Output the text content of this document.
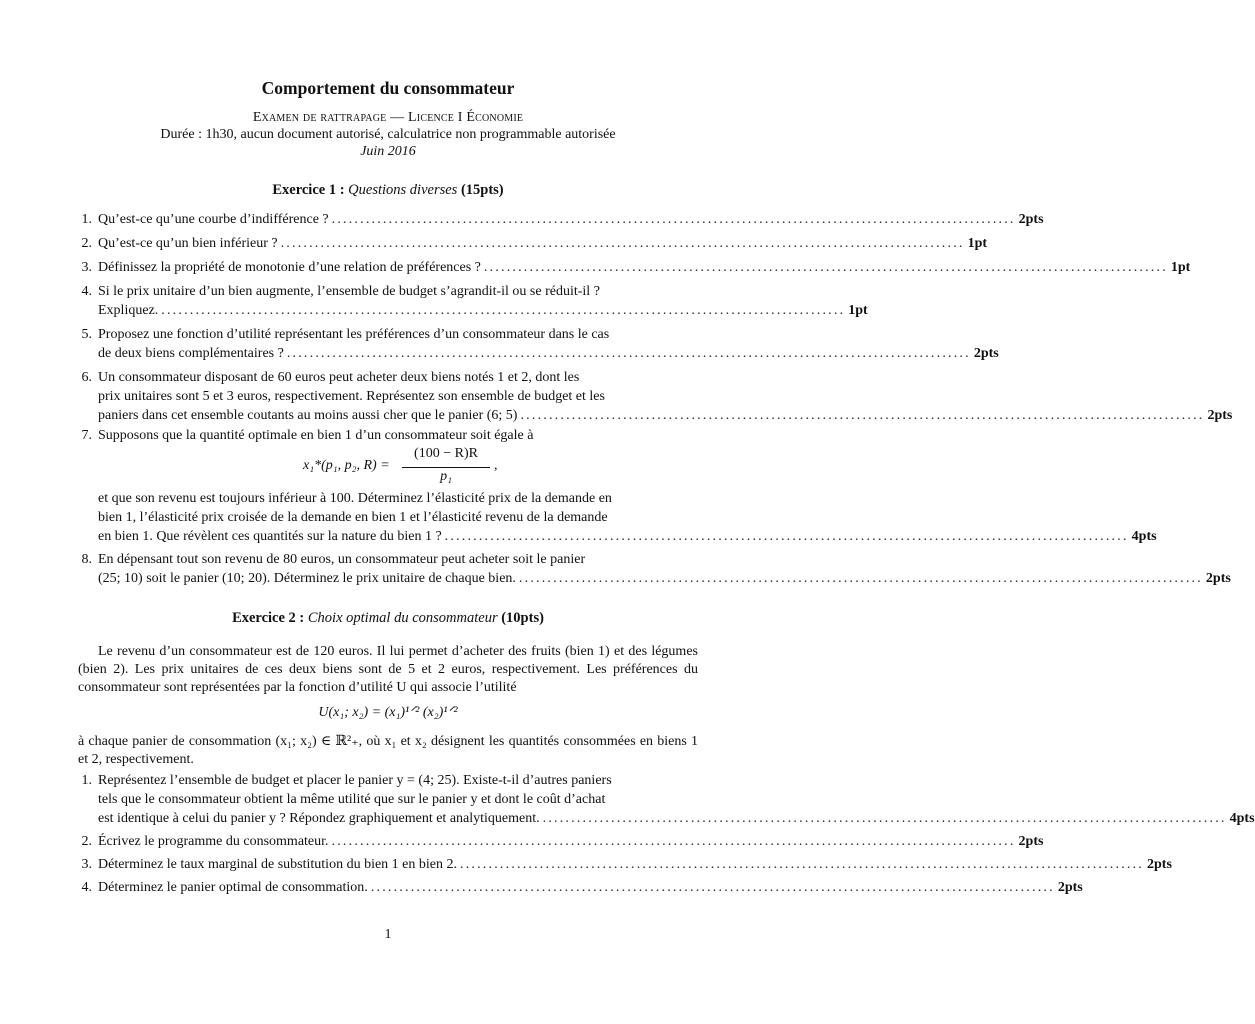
Comportement du consommateur
Examen de rattrapage — Licence I Économie
Durée : 1h30, aucun document autorisé, calculatrice non programmable autorisée
Juin 2016
Exercice 1 : Questions diverses (15pts)
1. Qu’est-ce qu’une courbe d’indifférence ? ........................................................................................................................ 2pts
2. Qu’est-ce qu’un bien inférieur ? ........................................................................................................................ 1pt
3. Définissez la propriété de monotonie d’une relation de préférences ? ........................................................................................................................ 1pt
4. Si le prix unitaire d’un bien augmente, l’ensemble de budget s’agrandit-il ou se réduit-il ?
Expliquez. ........................................................................................................................ 1pt
5. Proposez une fonction d’utilité représentant les préférences d’un consommateur dans le cas
de deux biens complémentaires ? ........................................................................................................................ 2pts
6. Un consommateur disposant de 60 euros peut acheter deux biens notés 1 et 2, dont les
prix unitaires sont 5 et 3 euros, respectivement. Représentez son ensemble de budget et les
paniers dans cet ensemble coutants au moins aussi cher que le panier (6; 5) ........................................................................................................................ 2pts
7. Supposons que la quantité optimale en bien 1 d’un consommateur soit égale à
x₁*(p₁, p₂, R) =
(100 − R)R
p₁
,
et que son revenu est toujours inférieur à 100. Déterminez l’élasticité prix de la demande en
bien 1, l’élasticité prix croisée de la demande en bien 1 et l’élasticité revenu de la demande
en bien 1. Que révèlent ces quantités sur la nature du bien 1 ? ........................................................................................................................ 4pts
8. En dépensant tout son revenu de 80 euros, un consommateur peut acheter soit le panier
(25; 10) soit le panier (10; 20). Déterminez le prix unitaire de chaque bien. ........................................................................................................................ 2pts
Exercice 2 : Choix optimal du consommateur (10pts)
Le revenu d’un consommateur est de 120 euros. Il lui permet d’acheter des fruits (bien 1) et des légumes (bien 2). Les prix unitaires de ces deux biens sont de 5 et 2 euros, respectivement. Les préférences du consommateur sont représentées par la fonction d’utilité U qui associe l’utilité
U(x₁; x₂) = (x₁)¹ᐟ² (x₂)¹ᐟ²
à chaque panier de consommation (x₁; x₂) ∈ ℝ²₊, où x₁ et x₂ désignent les quantités consommées en biens 1 et 2, respectivement.
1. Représentez l’ensemble de budget et placer le panier y = (4; 25). Existe-t-il d’autres paniers
tels que le consommateur obtient la même utilité que sur le panier y et dont le coût d’achat
est identique à celui du panier y ? Répondez graphiquement et analytiquement. ........................................................................................................................ 4pts
2. Écrivez le programme du consommateur. ........................................................................................................................ 2pts
3. Déterminez le taux marginal de substitution du bien 1 en bien 2. ........................................................................................................................ 2pts
4. Déterminez le panier optimal de consommation. ........................................................................................................................ 2pts
1
